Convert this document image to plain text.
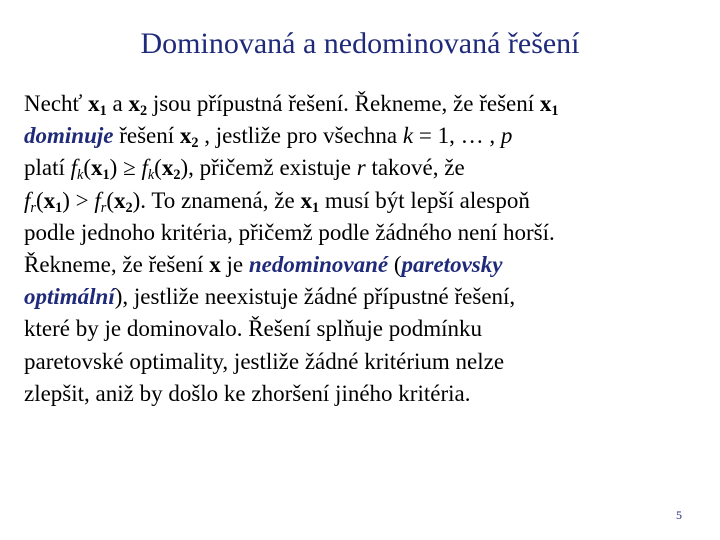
Dominovaná a nedominovaná řešení

Nechť $x_1$ a $x_2$ jsou přípustná řešení. Řekneme, že řešení $x_1$
dominuje řešení $x_2$ , jestliže pro všechna k = 1, … , p
platí $f_k(x_1) \ge f_k(x_2)$, přičemž existuje r takové, že
$f_r(x_1) > f_r(x_2)$. To znamená, že $x_1$ musí být lepší alespoň
podle jednoho kritéria, přičemž podle žádného není horší.

Řekneme, že řešení x je nedominované (paretovsky
optimální), jestliže neexistuje žádné přípustné řešení,
které by je dominovalo. Řešení splňuje podmínku
paretovské optimality, jestliže žádné kritérium nelze
zlepšit, aniž by došlo ke zhoršení jiného kritéria.

5
